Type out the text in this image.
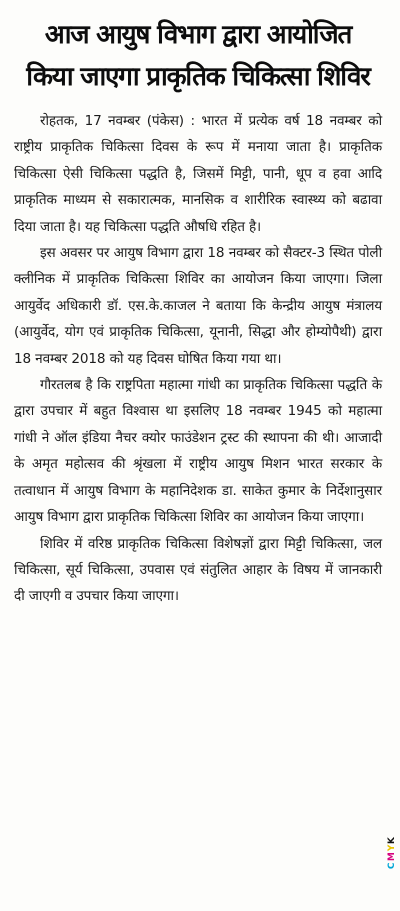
आज आयुष विभाग द्वारा आयोजित
किया जाएगा प्राकृतिक चिकित्सा शिविर

रोहतक, 17 नवम्बर (पंकेस) : भारत में प्रत्येक वर्ष 18 नवम्बर को राष्ट्रीय प्राकृतिक चिकित्सा दिवस के रूप में मनाया जाता है। प्राकृतिक चिकित्सा ऐसी चिकित्सा पद्धति है, जिसमें मिट्टी, पानी, धूप व हवा आदि प्राकृतिक माध्यम से सकारात्मक, मानसिक व शारीरिक स्वास्थ्य को बढावा दिया जाता है। यह चिकित्सा पद्धति औषधि रहित है।

इस अवसर पर आयुष विभाग द्वारा 18 नवम्बर को सैक्टर-3 स्थित पोली क्लीनिक में प्राकृतिक चिकित्सा शिविर का आयोजन किया जाएगा। जिला आयुर्वेद अधिकारी डॉ. एस.के.काजल ने बताया कि केन्द्रीय आयुष मंत्रालय (आयुर्वेद, योग एवं प्राकृतिक चिकित्सा, यूनानी, सिद्धा और होम्योपैथी) द्वारा 18 नवम्बर 2018 को यह दिवस घोषित किया गया था।

गौरतलब है कि राष्ट्रपिता महात्मा गांधी का प्राकृतिक चिकित्सा पद्धति के द्वारा उपचार में बहुत विश्वास था इसलिए 18 नवम्बर 1945 को महात्मा गांधी ने ऑल इंडिया नैचर क्योर फाउंडेशन ट्रस्ट की स्थापना की थी। आजादी के अमृत महोत्सव की श्रृंखला में राष्ट्रीय आयुष मिशन भारत सरकार के तत्वाधान में आयुष विभाग के महानिदेशक डा. साकेत कुमार के निर्देशानुसार आयुष विभाग द्वारा प्राकृतिक चिकित्सा शिविर का आयोजन किया जाएगा।

शिविर में वरिष्ठ प्राकृतिक चिकित्सा विशेषज्ञों द्वारा मिट्टी चिकित्सा, जल चिकित्सा, सूर्य चिकित्सा, उपवास एवं संतुलित आहार के विषय में जानकारी दी जाएगी व उपचार किया जाएगा।

CMYK
